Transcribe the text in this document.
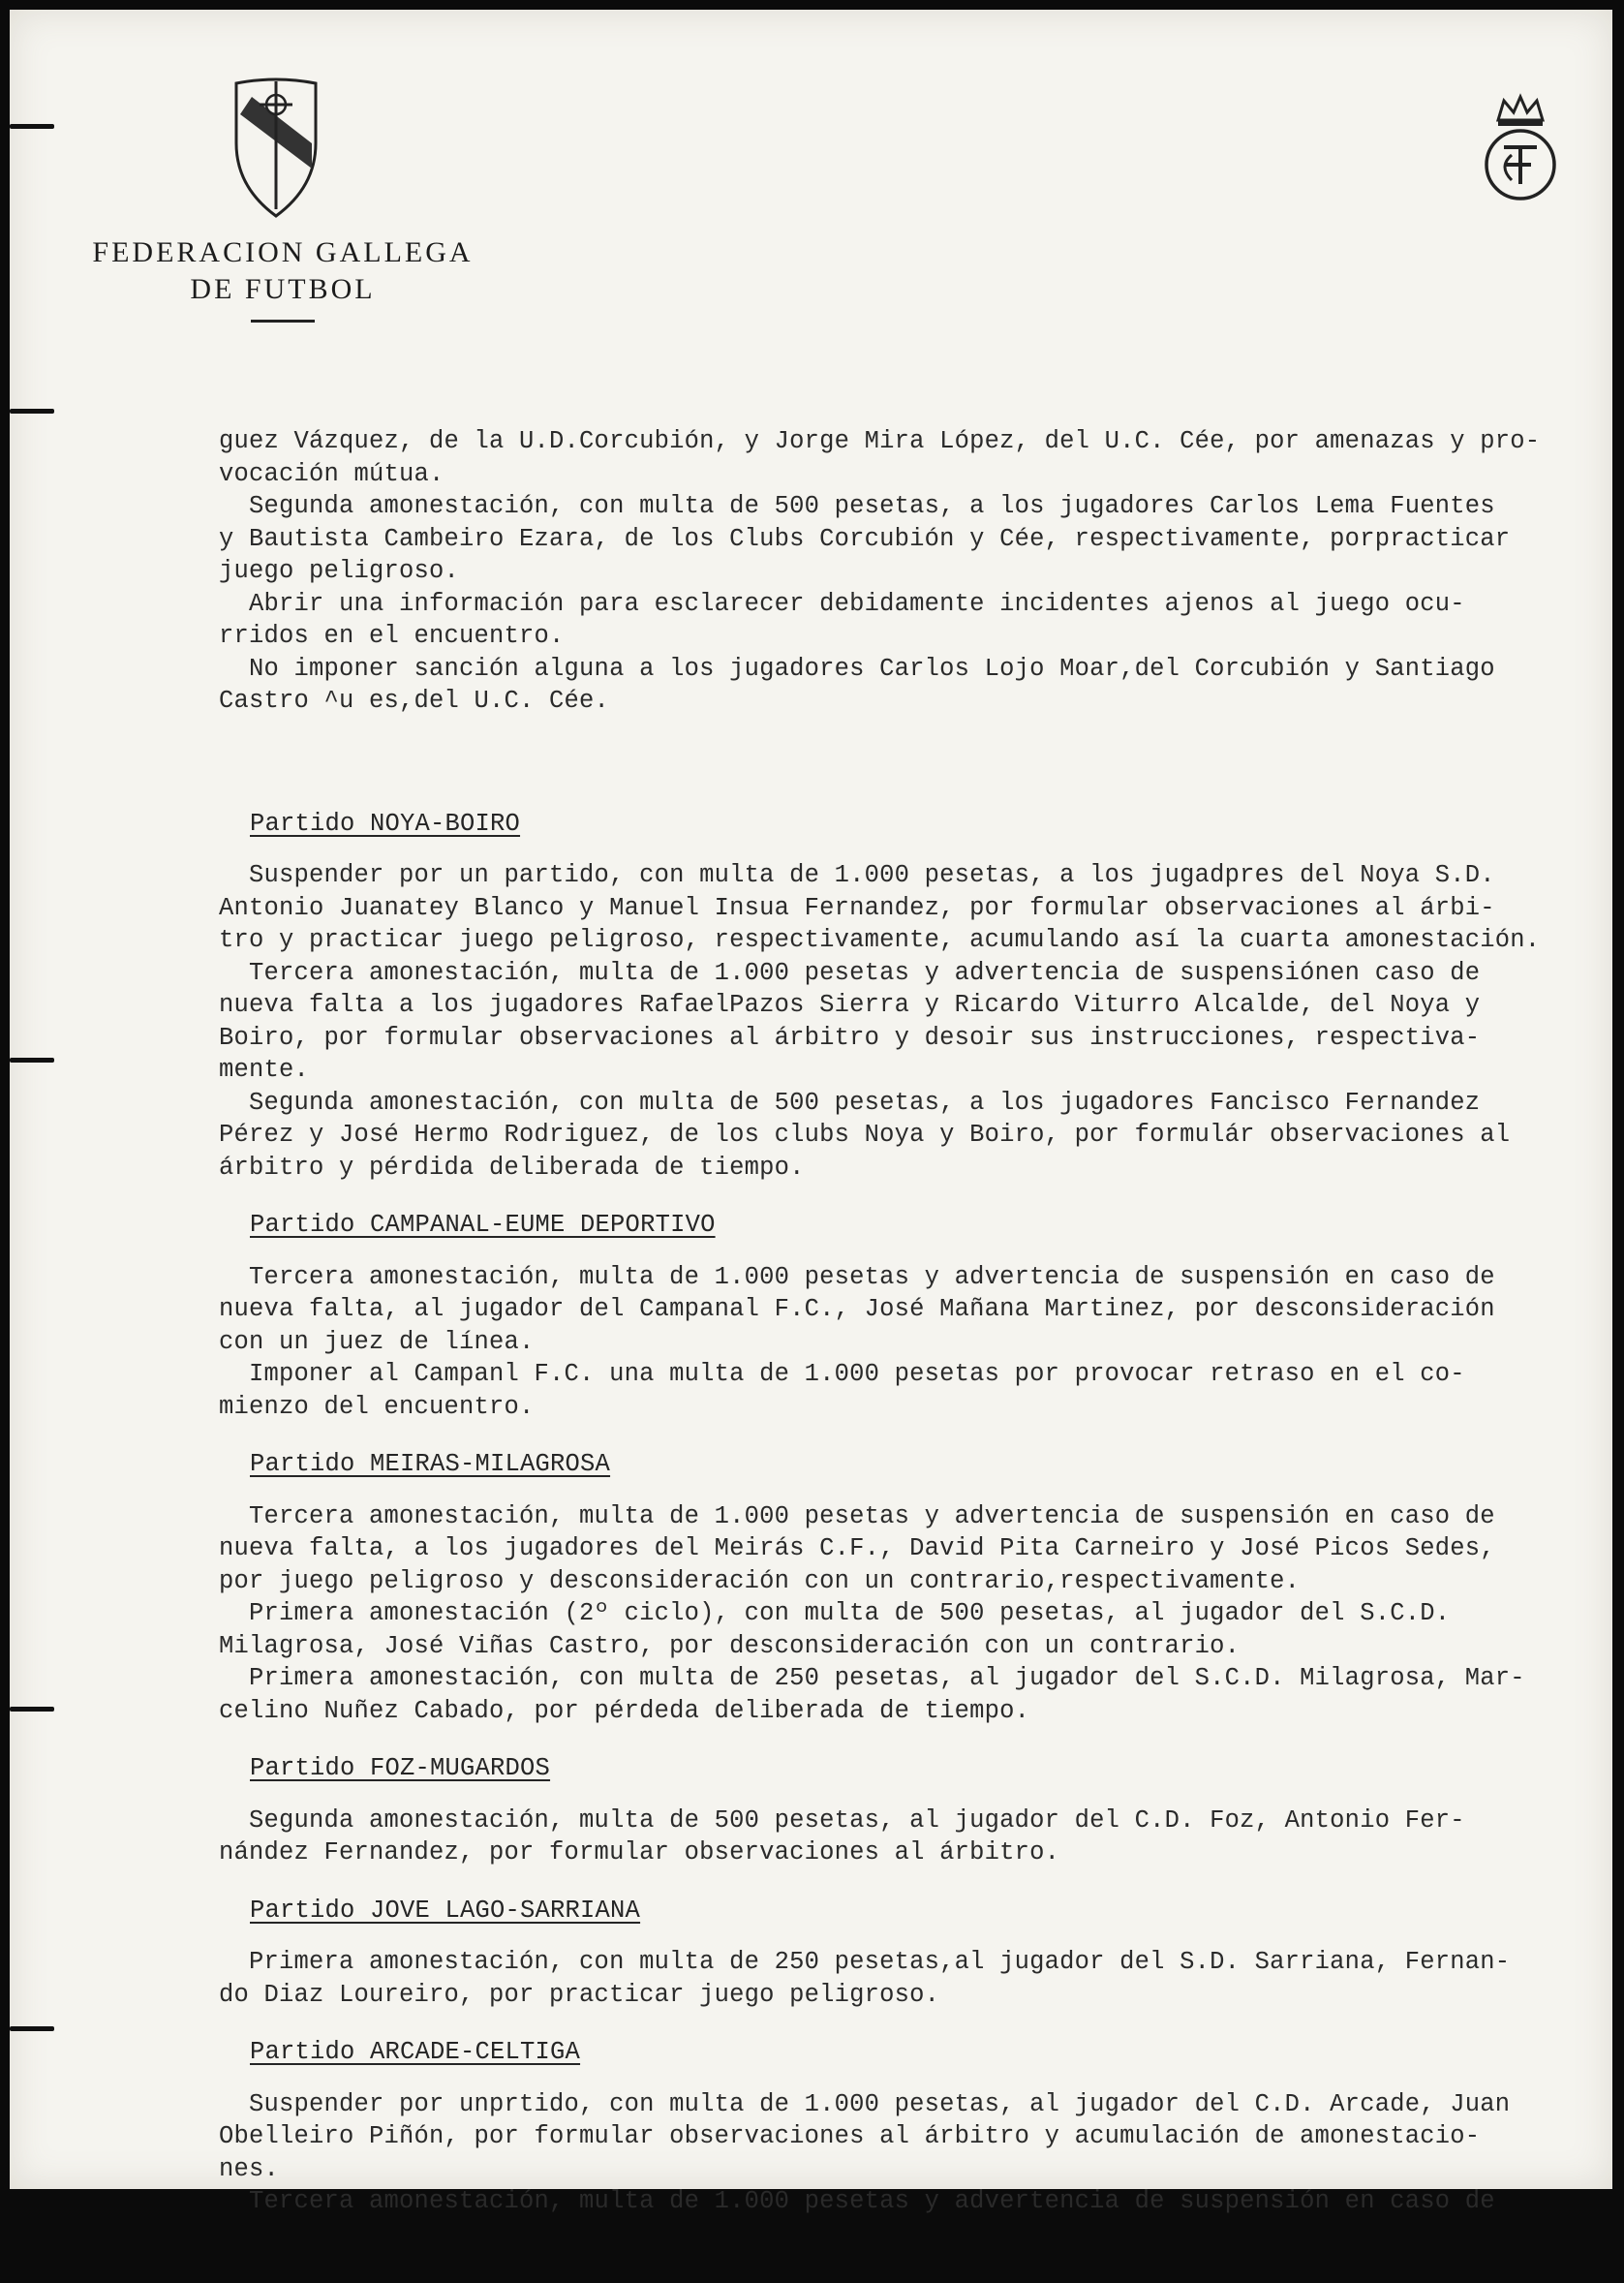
FEDERACION GALLEGA
DE FUTBOL

guez Vázquez, de la U.D.Corcubión, y Jorge Mira López, del U.C. Cée, por amenazas y pro-
vocación mútua.
Segunda amonestación, con multa de 500 pesetas, a los jugadores Carlos Lema Fuentes
y Bautista Cambeiro Ezara, de los Clubs Corcubión y Cée, respectivamente, porpracticar
juego peligroso.
Abrir una información para esclarecer debidamente incidentes ajenos al juego ocu-
rridos en el encuentro.
No imponer sanción alguna a los jugadores Carlos Lojo Moar,del Corcubión y Santiago
Castro ^u es,del U.C. Cée.

Partido NOYA-BOIRO
Suspender por un partido, con multa de 1.000 pesetas, a los jugadpres del Noya S.D.
Antonio Juanatey Blanco y Manuel Insua Fernandez, por formular observaciones al árbi-
tro y practicar juego peligroso, respectivamente, acumulando así la cuarta amonestación.
Tercera amonestación, multa de 1.000 pesetas y advertencia de suspensiónen caso de
nueva falta a los jugadores RafaelPazos Sierra y Ricardo Viturro Alcalde, del Noya y
Boiro, por formular observaciones al árbitro y desoir sus instrucciones, respectiva-
mente.
Segunda amonestación, con multa de 500 pesetas, a los jugadores Fancisco Fernandez
Pérez y José Hermo Rodriguez, de los clubs Noya y Boiro, por formulár observaciones al
árbitro y pérdida deliberada de tiempo.
Partido CAMPANAL-EUME DEPORTIVO
Tercera amonestación, multa de 1.000 pesetas y advertencia de suspensión en caso de
nueva falta, al jugador del Campanal F.C., José Mañana Martinez, por desconsideración
con un juez de línea.
Imponer al Campanl F.C. una multa de 1.000 pesetas por provocar retraso en el co-
mienzo del encuentro.
Partido MEIRAS-MILAGROSA
Tercera amonestación, multa de 1.000 pesetas y advertencia de suspensión en caso de
nueva falta, a los jugadores del Meirás C.F., David Pita Carneiro y José Picos Sedes,
por juego peligroso y desconsideración con un contrario,respectivamente.
Primera amonestación (2º ciclo), con multa de 500 pesetas, al jugador del S.C.D.
Milagrosa, José Viñas Castro, por desconsideración con un contrario.
Primera amonestación, con multa de 250 pesetas, al jugador del S.C.D. Milagrosa, Mar-
celino Nuñez Cabado, por pérdeda deliberada de tiempo.
Partido FOZ-MUGARDOS
Segunda amonestación, multa de 500 pesetas, al jugador del C.D. Foz, Antonio Fer-
nández Fernandez, por formular observaciones al árbitro.
Partido JOVE LAGO-SARRIANA
Primera amonestación, con multa de 250 pesetas,al jugador del S.D. Sarriana, Fernan-
do Diaz Loureiro, por practicar juego peligroso.
Partido ARCADE-CELTIGA
Suspender por unprtido, con multa de 1.000 pesetas, al jugador del C.D. Arcade, Juan
Obelleiro Piñón, por formular observaciones al árbitro y acumulación de amonestacio-
nes.
Tercera amonestación, multa de 1.000 pesetas y advertencia de suspensión en caso de
